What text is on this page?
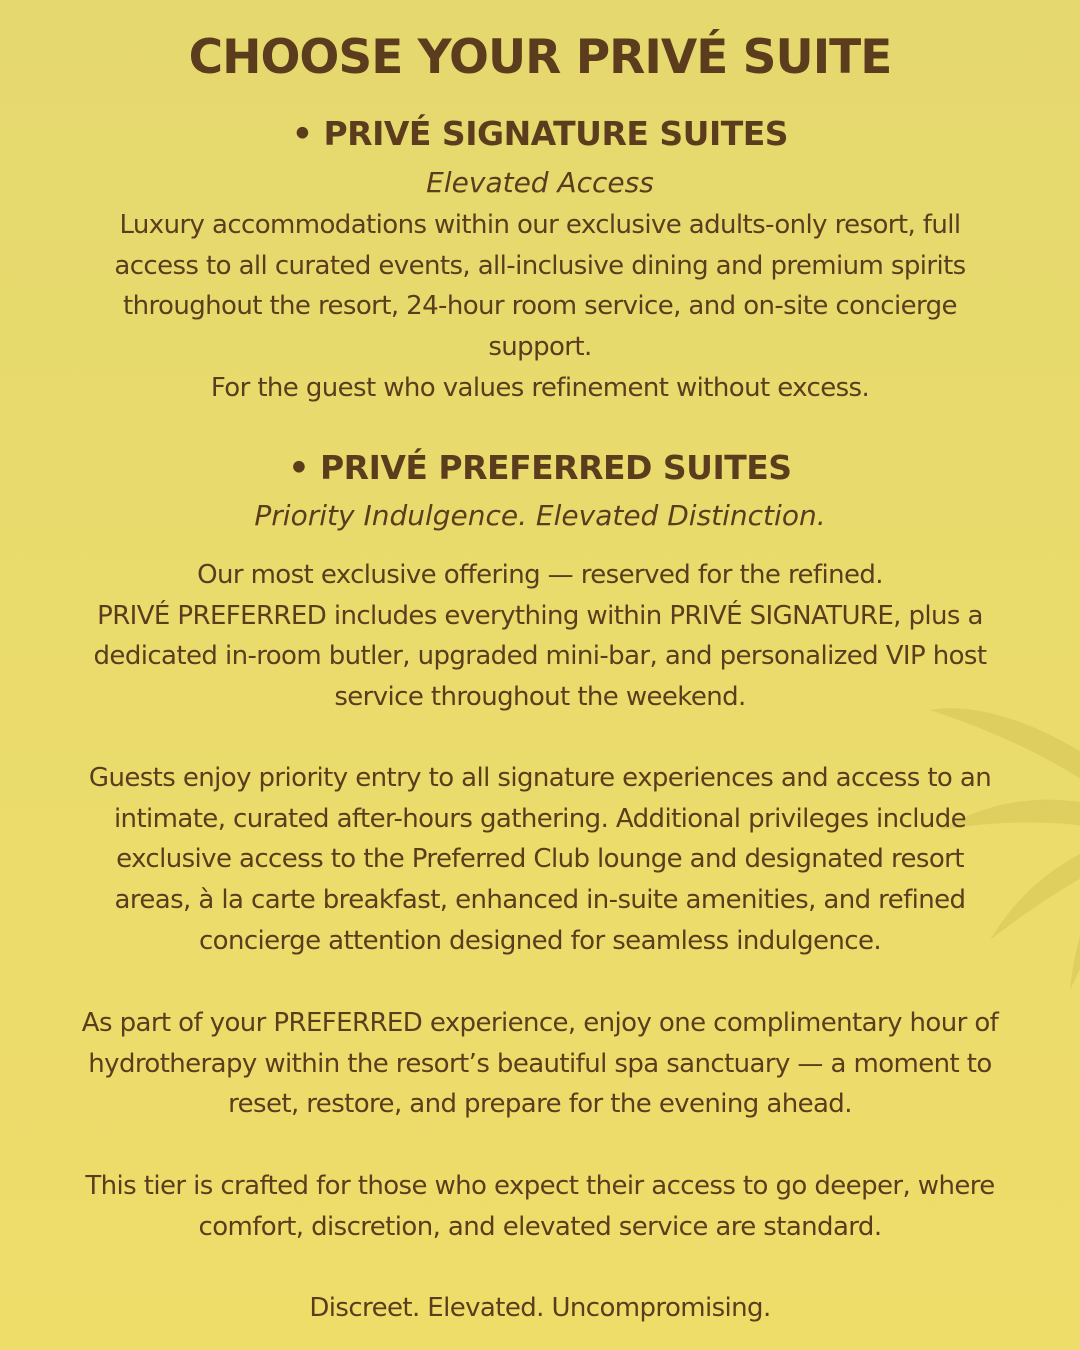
CHOOSE YOUR PRIVÉ SUITE
• PRIVÉ SIGNATURE SUITES

Elevated Access

Luxury accommodations within our exclusive adults-only resort, full
access to all curated events, all-inclusive dining and premium spirits
throughout the resort, 24-hour room service, and on-site concierge
support.
For the guest who values refinement without excess.
• PRIVÉ PREFERRED SUITES

Priority Indulgence. Elevated Distinction.

Our most exclusive offering — reserved for the refined.
PRIVÉ PREFERRED includes everything within PRIVÉ SIGNATURE, plus a
dedicated in-room butler, upgraded mini-bar, and personalized VIP host
service throughout the weekend.
Guests enjoy priority entry to all signature experiences and access to an
intimate, curated after-hours gathering. Additional privileges include
exclusive access to the Preferred Club lounge and designated resort
areas, à la carte breakfast, enhanced in-suite amenities, and refined
concierge attention designed for seamless indulgence.
As part of your PREFERRED experience, enjoy one complimentary hour of
hydrotherapy within the resort’s beautiful spa sanctuary — a moment to
reset, restore, and prepare for the evening ahead.
This tier is crafted for those who expect their access to go deeper, where
comfort, discretion, and elevated service are standard.
Discreet. Elevated. Uncompromising.
